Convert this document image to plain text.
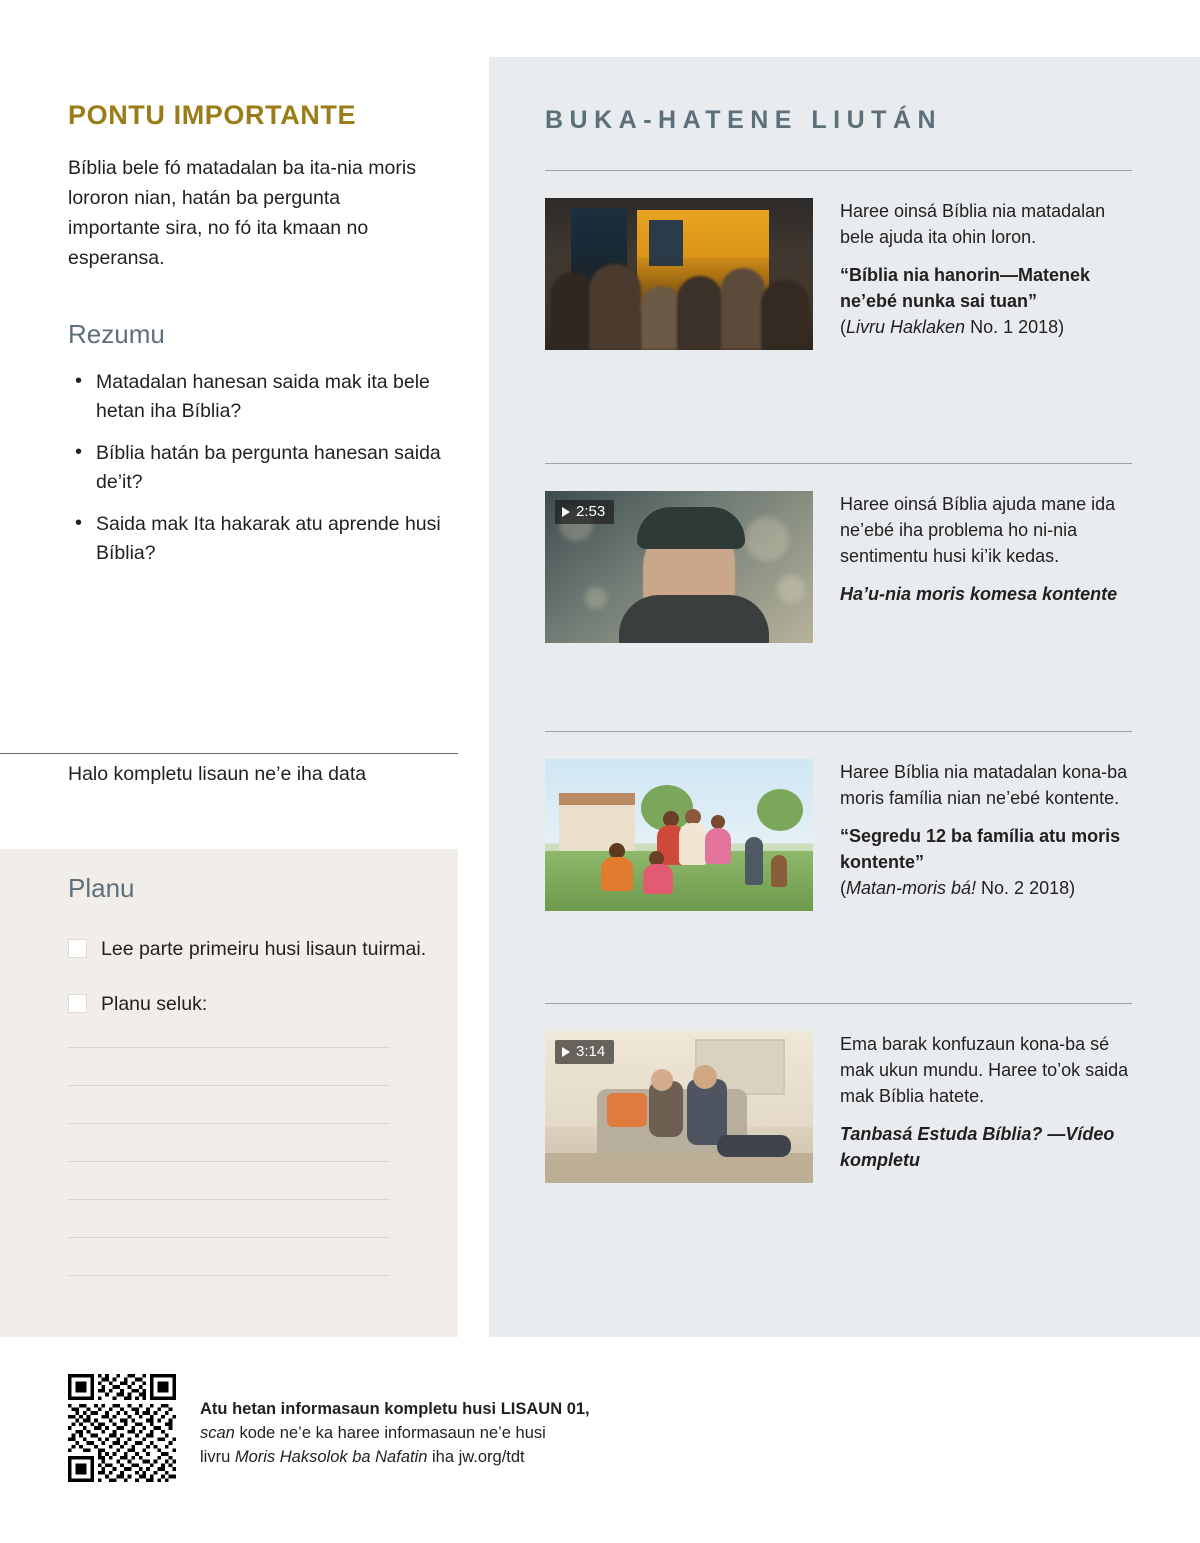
PONTU IMPORTANTE

Bíblia bele fó matadalan ba ita-nia moris lororon nian, hatán ba pergunta importante sira, no fó ita kmaan no esperansa.

Rezumu
• Matadalan hanesan saida mak ita bele hetan iha Bíblia?
• Bíblia hatán ba pergunta hanesan saida de’it?
• Saida mak Ita hakarak atu aprende husi Bíblia?
Halo kompletu lisaun ne’e iha data
Planu
Lee parte primeiru husi lisaun tuirmai.
Planu seluk:
BUKA-HATENE LIUTÁN

Haree oinsá Bíblia nia matadalan bele ajuda ita ohin loron.

“Bíblia nia hanorin—Matenek ne’ebé nunka sai tuan”

(Livru Haklaken No. 1 2018)

2:53	Haree oinsá Bíblia ajuda mane ida ne’ebé iha problema ho ni-nia sentimentu husi ki’ik kedas.

Ha’u-nia moris komesa kontente

Haree Bíblia nia matadalan kona-ba moris família nian ne’ebé kontente.

“Segredu 12 ba família atu moris kontente”

(Matan-moris bá! No. 2 2018)

3:14	Ema barak konfuzaun kona-ba sé mak ukun mundu. Haree to’ok saida mak Bíblia hatete.

Tanbasá Estuda Bíblia? —Vídeo kompletu

Atu hetan informasaun kompletu husi LISAUN 01,
scan kode ne’e ka haree informasaun ne’e husi
livru Moris Haksolok ba Nafatin iha jw.org/tdt
